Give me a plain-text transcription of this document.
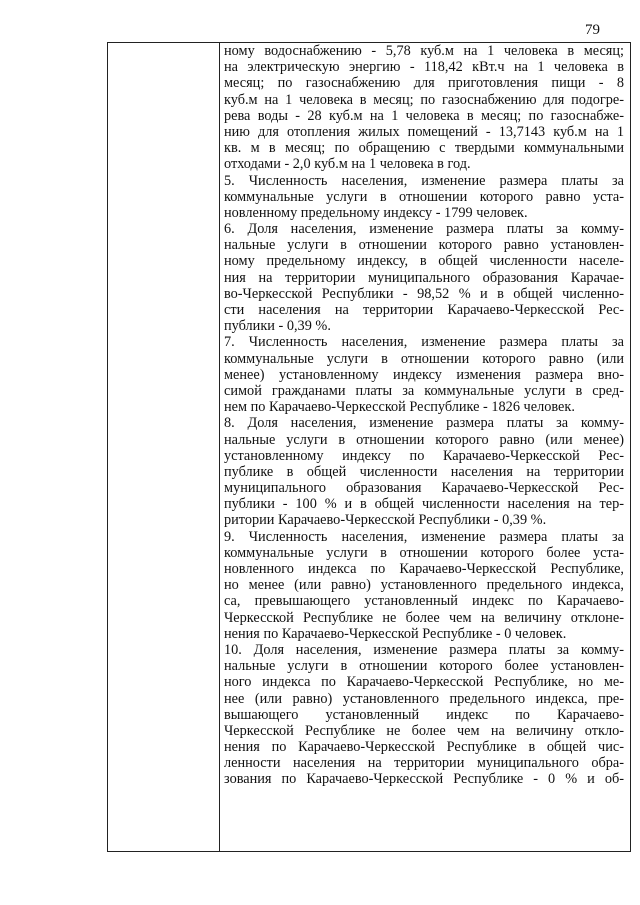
79
ному водоснабжению - 5,78 куб.м на 1 человека в месяц;
на электрическую энергию - 118,42 кВт.ч на 1 человека в
месяц; по газоснабжению для приготовления пищи - 8
куб.м на 1 человека в месяц; по газоснабжению для подогре-
рева воды - 28 куб.м на 1 человека в месяц; по газоснабже-
нию для отопления жилых помещений - 13,7143 куб.м на 1
кв. м в месяц; по обращению с твердыми коммунальными
отходами - 2,0 куб.м на 1 человека в год.
5. Численность населения, изменение размера платы за
коммунальные услуги в отношении которого равно уста-
новленному предельному индексу - 1799 человек.
6. Доля населения, изменение размера платы за комму-
нальные услуги в отношении которого равно установлен-
ному предельному индексу, в общей численности населе-
ния на территории муниципального образования Карачае-
во-Черкесской Республики - 98,52 % и в общей численно-
сти населения на территории Карачаево-Черкесской Рес-
публики - 0,39 %.
7. Численность населения, изменение размера платы за
коммунальные услуги в отношении которого равно (или
менее) установленному индексу изменения размера вно-
симой гражданами платы за коммунальные услуги в сред-
нем по Карачаево-Черкесской Республике - 1826 человек.
8. Доля населения, изменение размера платы за комму-
нальные услуги в отношении которого равно (или менее)
установленному индексу по Карачаево-Черкесской Рес-
публике в общей численности населения на территории
муниципального образования Карачаево-Черкесской Рес-
публики - 100 % и в общей численности населения на тер-
ритории Карачаево-Черкесской Республики - 0,39 %.
9. Численность населения, изменение размера платы за
коммунальные услуги в отношении которого более уста-
новленного индекса по Карачаево-Черкесской Республике,
но менее (или равно) установленного предельного индекса,
са, превышающего установленный индекс по Карачаево-
Черкесской Республике не более чем на величину отклоне-
нения по Карачаево-Черкесской Республике - 0 человек.
10. Доля населения, изменение размера платы за комму-
нальные услуги в отношении которого более установлен-
ного индекса по Карачаево-Черкесской Республике, но ме-
нее (или равно) установленного предельного индекса, пре-
вышающего установленный индекс по Карачаево-
Черкесской Республике не более чем на величину откло-
нения по Карачаево-Черкесской Республике в общей чис-
ленности населения на территории муниципального обра-
зования по Карачаево-Черкесской Республике - 0 % и об-
